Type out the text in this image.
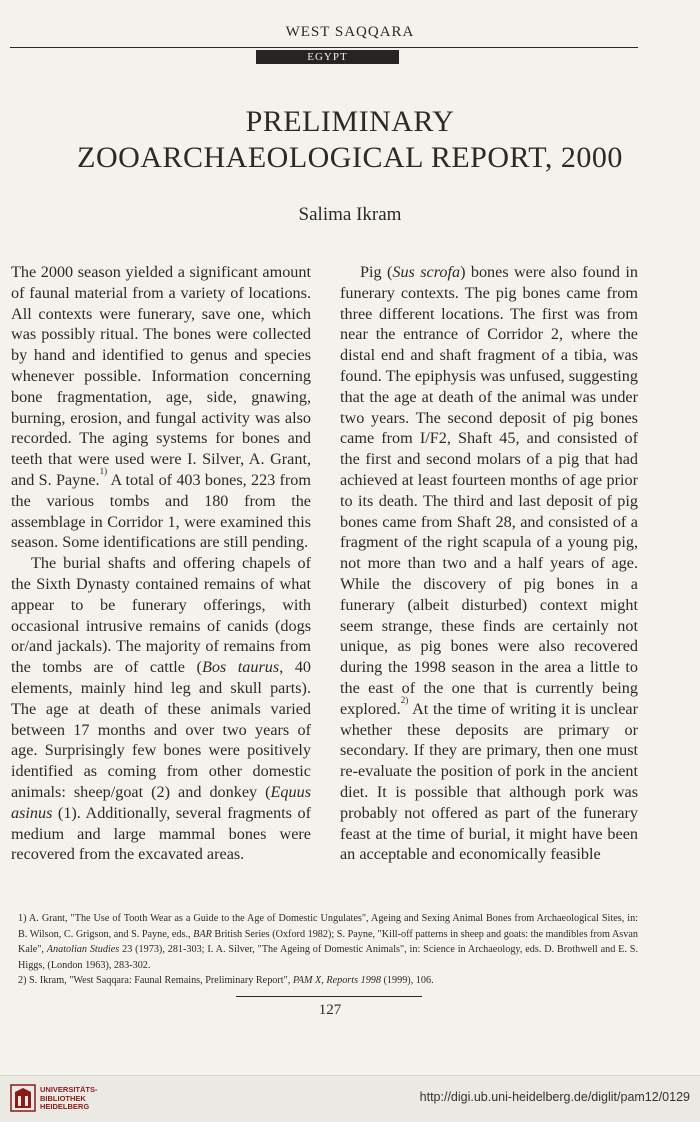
WEST SAQQARA
EGYPT
PRELIMINARY
ZOOARCHAEOLOGICAL REPORT, 2000
Salima Ikram

The 2000 season yielded a significant amount of faunal material from a variety of locations. All contexts were funerary, save one, which was possibly ritual. The bones were collected by hand and identified to genus and species whenever possible. Information concerning bone fragmentation, age, side, gnawing, burning, erosion, and fungal activity was also recorded. The aging systems for bones and teeth that were used were I. Silver, A. Grant, and S. Payne.$^{1)}$ A total of 403 bones, 223 from the various tombs and 180 from the assemblage in Corridor 1, were examined this season. Some identifications are still pending.

The burial shafts and offering chapels of the Sixth Dynasty contained remains of what appear to be funerary offerings, with occasional intrusive remains of canids (dogs or/and jackals). The majority of remains from the tombs are of cattle (Bos taurus, 40 elements, mainly hind leg and skull parts). The age at death of these animals varied between 17 months and over two years of age. Surprisingly few bones were positively identified as coming from other domestic animals: sheep/goat (2) and donkey (Equus asinus (1). Additionally, several fragments of medium and large mammal bones were recovered from the excavated areas.

Pig (Sus scrofa) bones were also found in funerary contexts. The pig bones came from three different locations. The first was from near the entrance of Corridor 2, where the distal end and shaft fragment of a tibia, was found. The epiphysis was unfused, suggesting that the age at death of the animal was under two years. The second deposit of pig bones came from I/F2, Shaft 45, and consisted of the first and second molars of a pig that had achieved at least fourteen months of age prior to its death. The third and last deposit of pig bones came from Shaft 28, and consisted of a fragment of the right scapula of a young pig, not more than two and a half years of age. While the discovery of pig bones in a funerary (albeit disturbed) context might seem strange, these finds are certainly not unique, as pig bones were also recovered during the 1998 season in the area a little to the east of the one that is currently being explored.$^{2)}$ At the time of writing it is unclear whether these deposits are primary or secondary. If they are primary, then one must re-evaluate the position of pork in the ancient diet. It is possible that although pork was probably not offered as part of the funerary feast at the time of burial, it might have been an acceptable and economically feasible

1) A. Grant, "The Use of Tooth Wear as a Guide to the Age of Domestic Ungulates", Ageing and Sexing Animal Bones from Archaeological Sites, in: B. Wilson, C. Grigson, and S. Payne, eds., BAR British Series (Oxford 1982); S. Payne, "Kill-off patterns in sheep and goats: the mandibles from Asvan Kale", Anatolian Studies 23 (1973), 281-303; I. A. Silver, "The Ageing of Domestic Animals", in: Science in Archaeology, eds. D. Brothwell and E. S. Higgs, (London 1963), 283-302.

2) S. Ikram, "West Saqqara: Faunal Remains, Preliminary Report", PAM X, Reports 1998 (1999), 106.

127
UNIVERSITÄTS-
BIBLIOTHEK
HEIDELBERG
http://digi.ub.uni-heidelberg.de/diglit/pam12/0129
